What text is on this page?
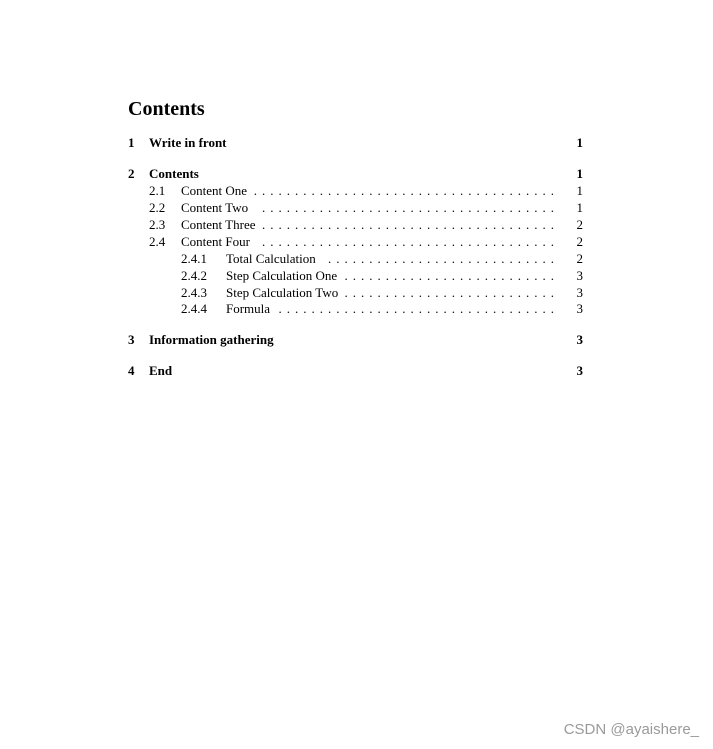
Contents
1 Write in front	1
2 Contents	1
2.1 Content One ..................................... 1
2.2 Content Two	.................................... 1
2.3 Content Three .................................... 2
2.4 Content Four .................................... 2
2.4.1 Total Calculation ............................ 2
2.4.2 Step Calculation One .......................... 3
2.4.3 Step Calculation Two .......................... 3
2.4.4 Formula .................................. 3
3 Information gathering	3
4 End	3
CSDN @ayaishere_
